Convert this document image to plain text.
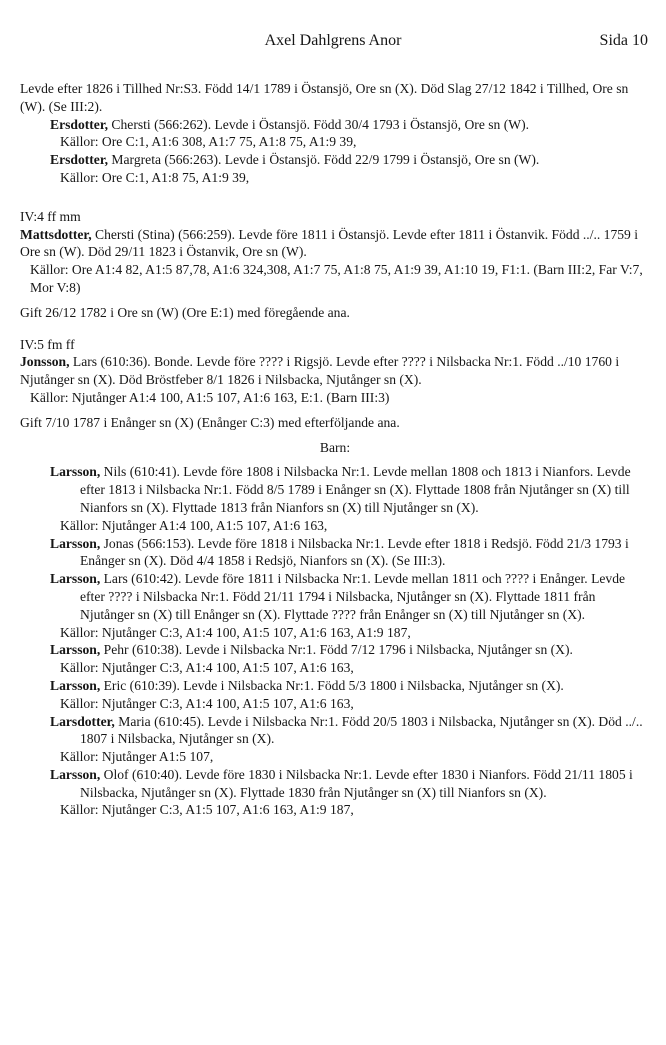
Axel Dahlgrens Anor	Sida 10

Levde efter 1826 i Tillhed Nr:S3. Född 14/1 1789 i Östansjö, Ore sn (X). Död Slag 27/12 1842 i Tillhed, Ore sn (W). (Se III:2).

Ersdotter, Chersti (566:262). Levde i Östansjö. Född 30/4 1793 i Östansjö, Ore sn (W).

Källor: Ore C:1, A1:6 308, A1:7 75, A1:8 75, A1:9 39,

Ersdotter, Margreta (566:263). Levde i Östansjö. Född 22/9 1799 i Östansjö, Ore sn (W).

Källor: Ore C:1, A1:8 75, A1:9 39,

IV:4 ff mm

Mattsdotter, Chersti (Stina) (566:259). Levde före 1811 i Östansjö. Levde efter 1811 i Östanvik. Född ../.. 1759 i Ore sn (W). Död 29/11 1823 i Östanvik, Ore sn (W).

Källor: Ore A1:4 82, A1:5 87,78, A1:6 324,308, A1:7 75, A1:8 75, A1:9 39, A1:10 19, F1:1. (Barn III:2, Far V:7, Mor V:8)

Gift 26/12 1782 i Ore sn (W) (Ore E:1) med föregående ana.

IV:5 fm ff

Jonsson, Lars (610:36). Bonde. Levde före ???? i Rigsjö. Levde efter ???? i Nilsbacka Nr:1. Född ../10 1760 i Njutånger sn (X). Död Bröstfeber 8/1 1826 i Nilsbacka, Njutånger sn (X).

Källor: Njutånger A1:4 100, A1:5 107, A1:6 163, E:1. (Barn III:3)

Gift 7/10 1787 i Enånger sn (X) (Enånger C:3) med efterföljande ana.

Barn:

Larsson, Nils (610:41). Levde före 1808 i Nilsbacka Nr:1. Levde mellan 1808 och 1813 i Nianfors. Levde efter 1813 i Nilsbacka Nr:1. Född 8/5 1789 i Enånger sn (X). Flyttade 1808 från Njutånger sn (X) till Nianfors sn (X). Flyttade 1813 från Nianfors sn (X) till Njutånger sn (X).

Källor: Njutånger A1:4 100, A1:5 107, A1:6 163,

Larsson, Jonas (566:153). Levde före 1818 i Nilsbacka Nr:1. Levde efter 1818 i Redsjö. Född 21/3 1793 i Enånger sn (X). Död 4/4 1858 i Redsjö, Nianfors sn (X). (Se III:3).

Larsson, Lars (610:42). Levde före 1811 i Nilsbacka Nr:1. Levde mellan 1811 och ???? i Enånger. Levde efter ???? i Nilsbacka Nr:1. Född 21/11 1794 i Nilsbacka, Njutånger sn (X). Flyttade 1811 från Njutånger sn (X) till Enånger sn (X). Flyttade ???? från Enånger sn (X) till Njutånger sn (X).

Källor: Njutånger C:3, A1:4 100, A1:5 107, A1:6 163, A1:9 187,

Larsson, Pehr (610:38). Levde i Nilsbacka Nr:1. Född 7/12 1796 i Nilsbacka, Njutånger sn (X).

Källor: Njutånger C:3, A1:4 100, A1:5 107, A1:6 163,

Larsson, Eric (610:39). Levde i Nilsbacka Nr:1. Född 5/3 1800 i Nilsbacka, Njutånger sn (X).

Källor: Njutånger C:3, A1:4 100, A1:5 107, A1:6 163,

Larsdotter, Maria (610:45). Levde i Nilsbacka Nr:1. Född 20/5 1803 i Nilsbacka, Njutånger sn (X). Död ../.. 1807 i Nilsbacka, Njutånger sn (X).

Källor: Njutånger A1:5 107,

Larsson, Olof (610:40). Levde före 1830 i Nilsbacka Nr:1. Levde efter 1830 i Nianfors. Född 21/11 1805 i Nilsbacka, Njutånger sn (X). Flyttade 1830 från Njutånger sn (X) till Nianfors sn (X).

Källor: Njutånger C:3, A1:5 107, A1:6 163, A1:9 187,
